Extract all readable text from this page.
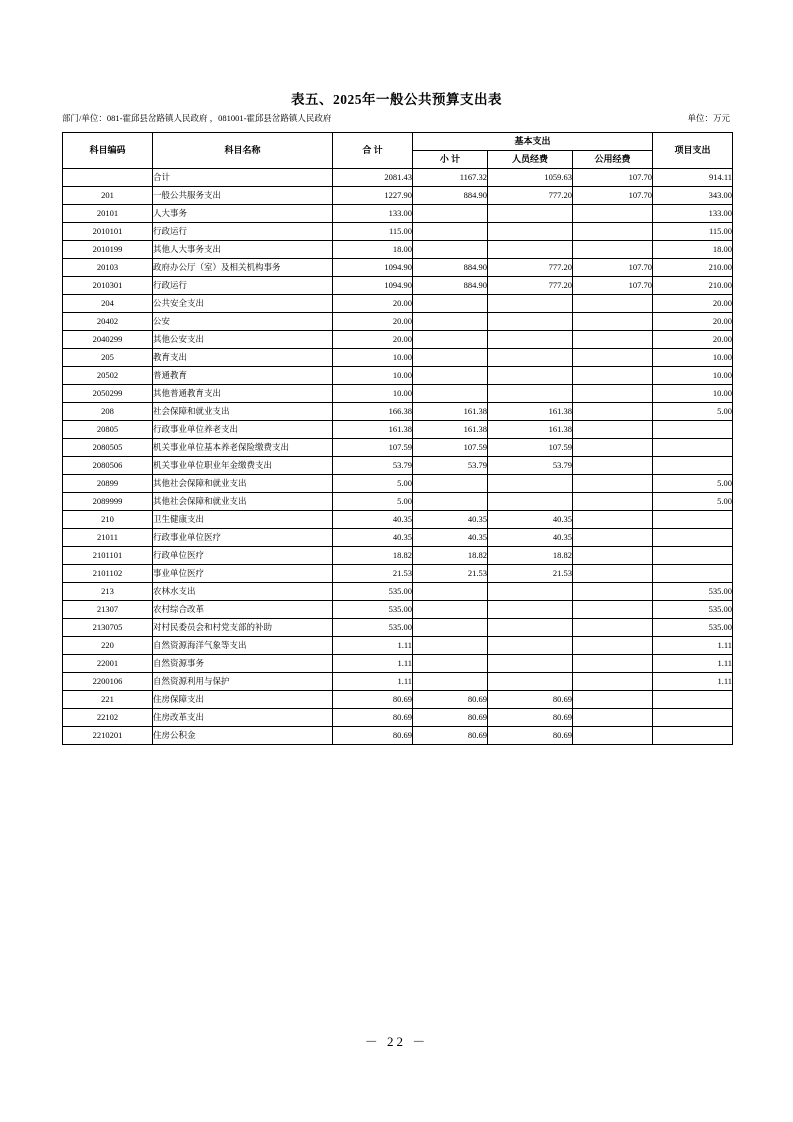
表五、2025年一般公共预算支出表
部门/单位：081-霍邱县岔路镇人民政府 ，081001-霍邱县岔路镇人民政府	单位：万元
科目编码	科目名称	合 计	基本支出			项目支出
			小 计	人员经费	公用经费	
	合计	2081.43	1167.32	1059.63	107.70	914.11
201	一般公共服务支出	1227.90	884.90	777.20	107.70	343.00
20101	人大事务	133.00				133.00
2010101	行政运行	115.00				115.00
2010199	其他人大事务支出	18.00				18.00
20103	政府办公厅（室）及相关机构事务	1094.90	884.90	777.20	107.70	210.00
2010301	行政运行	1094.90	884.90	777.20	107.70	210.00
204	公共安全支出	20.00				20.00
20402	公安	20.00				20.00
2040299	其他公安支出	20.00				20.00
205	教育支出	10.00				10.00
20502	普通教育	10.00				10.00
2050299	其他普通教育支出	10.00				10.00
208	社会保障和就业支出	166.38	161.38	161.38		5.00
20805	行政事业单位养老支出	161.38	161.38	161.38		
2080505	机关事业单位基本养老保险缴费支出	107.59	107.59	107.59		
2080506	机关事业单位职业年金缴费支出	53.79	53.79	53.79		
20899	其他社会保障和就业支出	5.00				5.00
2089999	其他社会保障和就业支出	5.00				5.00
210	卫生健康支出	40.35	40.35	40.35		
21011	行政事业单位医疗	40.35	40.35	40.35		
2101101	行政单位医疗	18.82	18.82	18.82		
2101102	事业单位医疗	21.53	21.53	21.53		
213	农林水支出	535.00				535.00
21307	农村综合改革	535.00				535.00
2130705	对村民委员会和村党支部的补助	535.00				535.00
220	自然资源海洋气象等支出	1.11				1.11
22001	自然资源事务	1.11				1.11
2200106	自然资源利用与保护	1.11				1.11
221	住房保障支出	80.69	80.69	80.69		
22102	住房改革支出	80.69	80.69	80.69		
2210201	住房公积金	80.69	80.69	80.69		
－ 22 －
